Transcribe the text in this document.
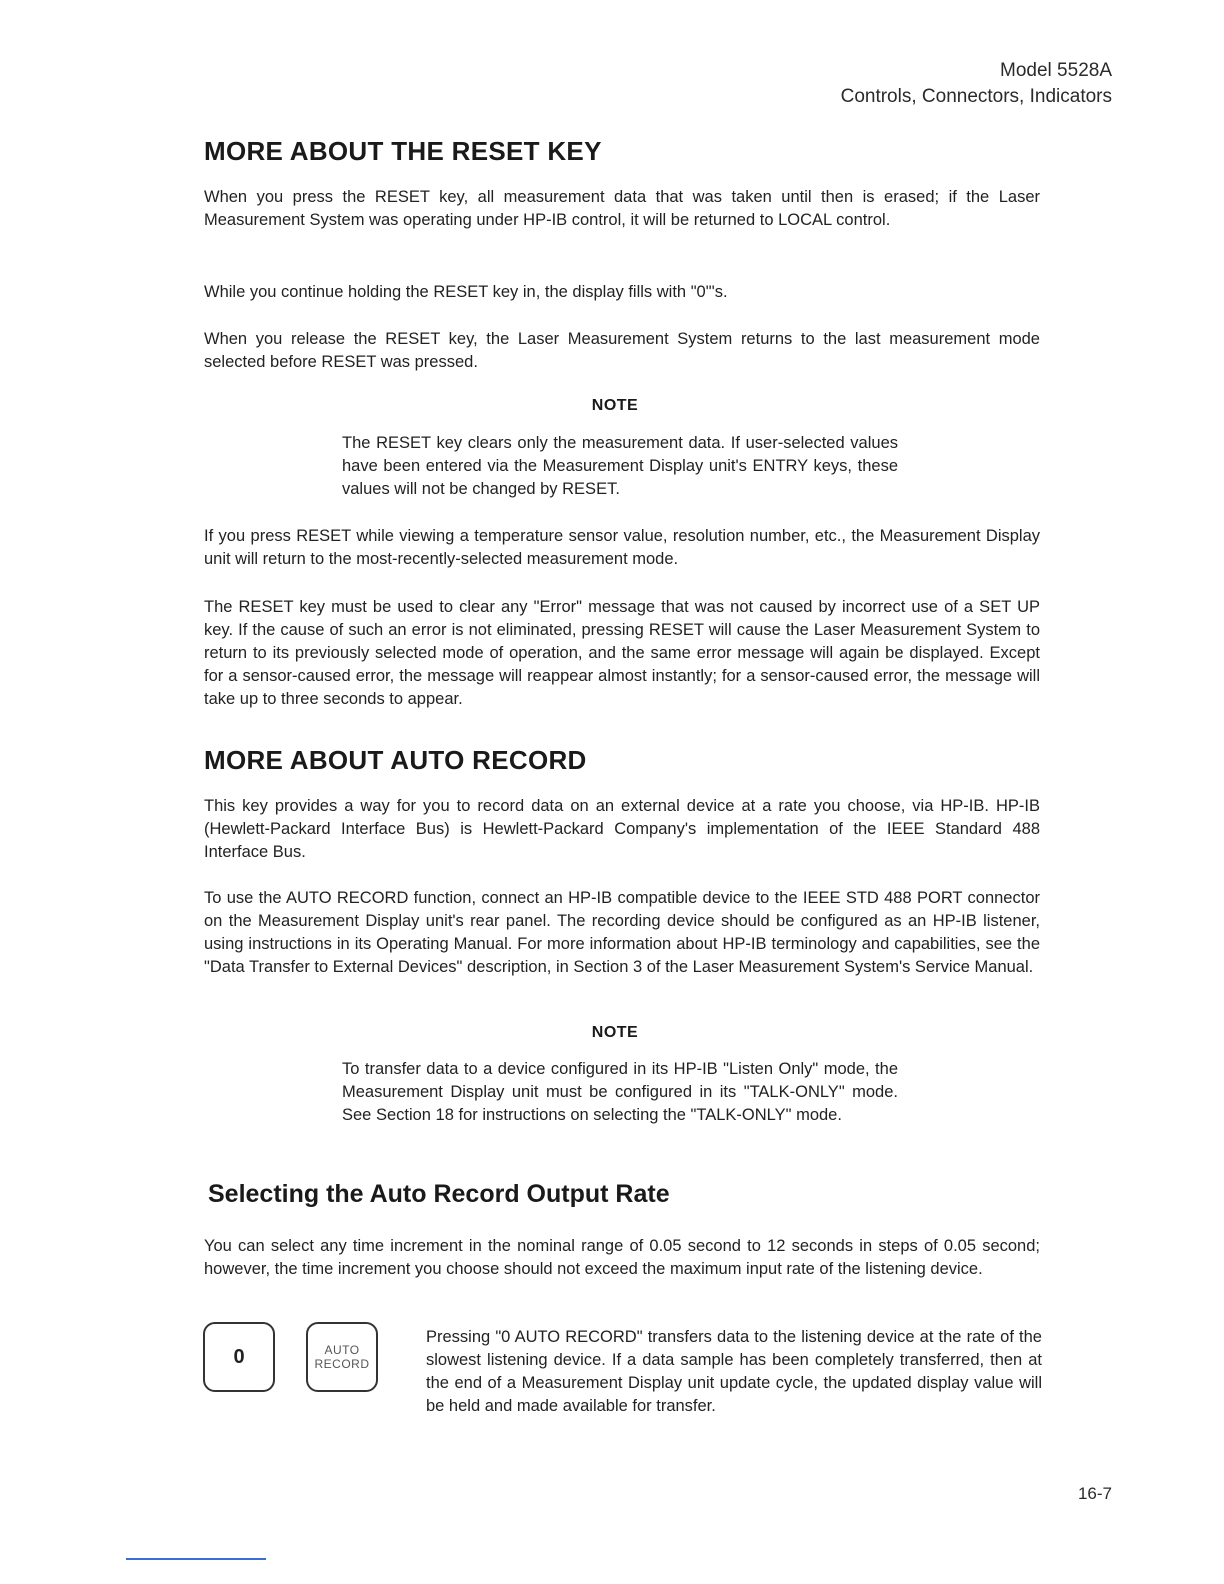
Model 5528A
Controls, Connectors, Indicators
MORE ABOUT THE RESET KEY

When you press the RESET key, all measurement data that was taken until then is erased; if the Laser Measurement System was operating under HP-IB control, it will be returned to LOCAL control.

While you continue holding the RESET key in, the display fills with "0"'s.

When you release the RESET key, the Laser Measurement System returns to the last measurement mode selected before RESET was pressed.

NOTE

The RESET key clears only the measurement data. If user-selected values have been entered via the Measurement Display unit's ENTRY keys, these values will not be changed by RESET.

If you press RESET while viewing a temperature sensor value, resolution number, etc., the Measurement Display unit will return to the most-recently-selected measurement mode.

The RESET key must be used to clear any "Error" message that was not caused by incorrect use of a SET UP key. If the cause of such an error is not eliminated, pressing RESET will cause the Laser Measurement System to return to its previously selected mode of operation, and the same error message will again be displayed. Except for a sensor-caused error, the message will reappear almost instantly; for a sensor-caused error, the message will take up to three seconds to appear.

MORE ABOUT AUTO RECORD

This key provides a way for you to record data on an external device at a rate you choose, via HP-IB. HP-IB (Hewlett-Packard Interface Bus) is Hewlett-Packard Company's implementation of the IEEE Standard 488 Interface Bus.

To use the AUTO RECORD function, connect an HP-IB compatible device to the IEEE STD 488 PORT connector on the Measurement Display unit's rear panel. The recording device should be configured as an HP-IB listener, using instructions in its Operating Manual. For more information about HP-IB terminology and capabilities, see the "Data Transfer to External Devices" description, in Section 3 of the Laser Measurement System's Service Manual.

NOTE

To transfer data to a device configured in its HP-IB "Listen Only" mode, the Measurement Display unit must be configured in its "TALK-ONLY" mode. See Section 18 for instructions on selecting the "TALK-ONLY" mode.

Selecting the Auto Record Output Rate

You can select any time increment in the nominal range of 0.05 second to 12 seconds in steps of 0.05 second; however, the time increment you choose should not exceed the maximum input rate of the listening device.

0	AUTO
RECORD

Pressing "0 AUTO RECORD" transfers data to the listening device at the rate of the slowest listening device. If a data sample has been completely transferred, then at the end of a Measurement Display unit update cycle, the updated display value will be held and made available for transfer.

16-7
